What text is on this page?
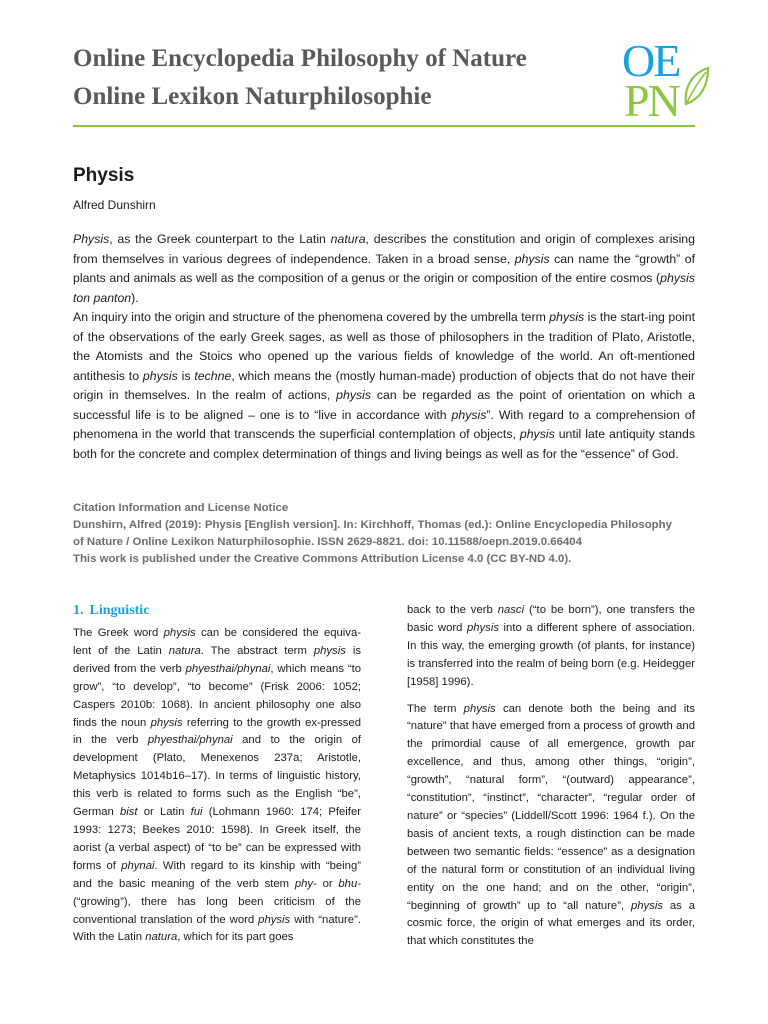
Online Encyclopedia Philosophy of Nature
Online Lexikon Naturphilosophie
OE
PN
Physis
Alfred Dunshirn

Physis, as the Greek counterpart to the Latin natura, describes the constitution and origin of complexes arising from themselves in various degrees of independence. Taken in a broad sense, physis can name the “growth” of plants and animals as well as the composition of a genus or the origin or composition of the entire cosmos (physis ton panton).

An inquiry into the origin and structure of the phenomena covered by the umbrella term physis is the start-ing point of the observations of the early Greek sages, as well as those of philosophers in the tradition of Plato, Aristotle, the Atomists and the Stoics who opened up the various fields of knowledge of the world. An oft-mentioned antithesis to physis is techne, which means the (mostly human-made) production of objects that do not have their origin in themselves. In the realm of actions, physis can be regarded as the point of orientation on which a successful life is to be aligned – one is to “live in accordance with physis”. With regard to a comprehension of phenomena in the world that transcends the superficial contemplation of objects, physis until late antiquity stands both for the concrete and complex determination of things and living beings as well as for the “essence” of God.

Citation Information and License Notice
Dunshirn, Alfred (2019): Physis [English version]. In: Kirchhoff, Thomas (ed.): Online Encyclopedia Philosophy
of Nature / Online Lexikon Naturphilosophie. ISSN 2629-8821. doi: 10.11588/oepn.2019.0.66404
This work is published under the Creative Commons Attribution License 4.0 (CC BY-ND 4.0).
1. Linguistic

The Greek word physis can be considered the equiva-lent of the Latin natura. The abstract term physis is derived from the verb phyesthai/phynai, which means “to grow”, “to develop”, “to become” (Frisk 2006: 1052; Caspers 2010b: 1068). In ancient philosophy one also finds the noun physis referring to the growth ex-pressed in the verb phyesthai/phynai and to the origin of development (Plato, Menexenos 237a; Aristotle, Metaphysics 1014b16–17). In terms of linguistic history, this verb is related to forms such as the English “be”, German bist or Latin fui (Lohmann 1960: 174; Pfeifer 1993: 1273; Beekes 2010: 1598). In Greek itself, the aorist (a verbal aspect) of “to be” can be expressed with forms of phynai. With regard to its kinship with “being” and the basic meaning of the verb stem phy- or bhu- (“growing”), there has long been criticism of the conventional translation of the word physis with “nature”. With the Latin natura, which for its part goes

back to the verb nasci (“to be born”), one transfers the basic word physis into a different sphere of association. In this way, the emerging growth (of plants, for instance) is transferred into the realm of being born (e.g. Heidegger [1958] 1996).

The term physis can denote both the being and its “nature” that have emerged from a process of growth and the primordial cause of all emergence, growth par excellence, and thus, among other things, “origin”, “growth”, “natural form”, “(outward) appearance”, “constitution”, “instinct”, “character”, “regular order of nature” or “species” (Liddell/Scott 1996: 1964 f.). On the basis of ancient texts, a rough distinction can be made between two semantic fields: “essence” as a designation of the natural form or constitution of an individual living entity on the one hand; and on the other, “origin”, “beginning of growth” up to “all nature”, physis as a cosmic force, the origin of what emerges and its order, that which constitutes the
